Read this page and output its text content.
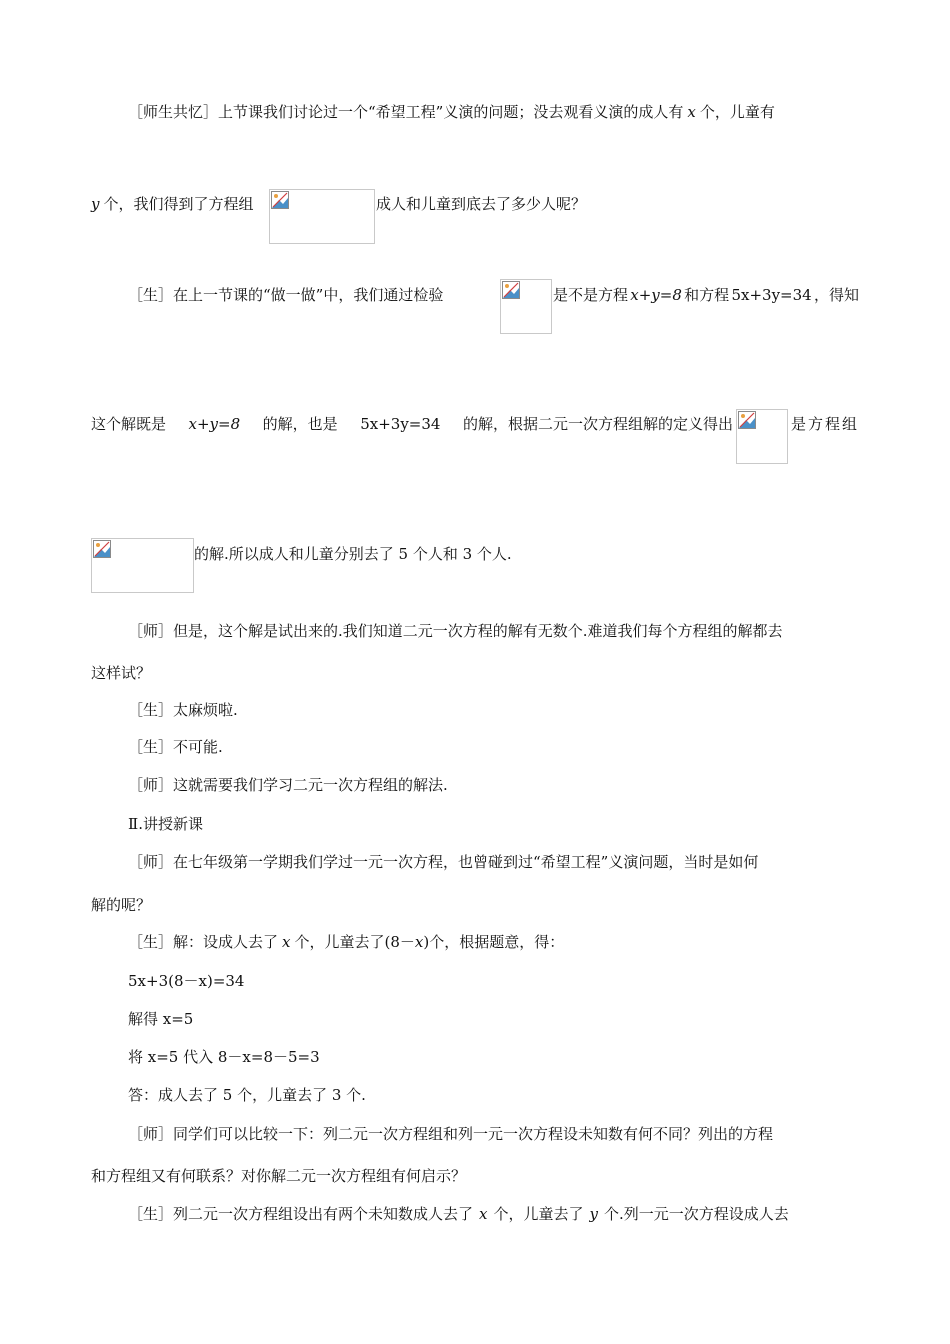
［师生共忆］上节课我们讨论过一个“希望工程”义演的问题；没去观看义演的成人有 x 个，儿童有
y 个，我们得到了方程组	成人和儿童到底去了多少人呢？
［生］在上一节课的“做一做”中，我们通过检验	是不是方程 x+y=8 和方程 5x+3y=34 ，得知
这个解既是 x+y=8 的解，也是 5x+3y=34 的解，根据二元一次方程组解的定义得出	是方程组
的解.所以成人和儿童分别去了 5 个人和 3 个人.
［师］但是，这个解是试出来的.我们知道二元一次方程的解有无数个.难道我们每个方程组的解都去
这样试？
［生］太麻烦啦.
［生］不可能.
［师］这就需要我们学习二元一次方程组的解法.
Ⅱ.讲授新课
［师］在七年级第一学期我们学过一元一次方程，也曾碰到过“希望工程”义演问题，当时是如何
解的呢？
［生］解：设成人去了 x 个，儿童去了(8－x)个，根据题意，得：
5x+3(8－x)=34
解得 x=5
将 x=5 代入 8－x=8－5=3
答：成人去了 5 个，儿童去了 3 个.
［师］同学们可以比较一下：列二元一次方程组和列一元一次方程设未知数有何不同？列出的方程
和方程组又有何联系？对你解二元一次方程组有何启示？
［生］列二元一次方程组设出有两个未知数成人去了 x 个，儿童去了 y 个.列一元一次方程设成人去
